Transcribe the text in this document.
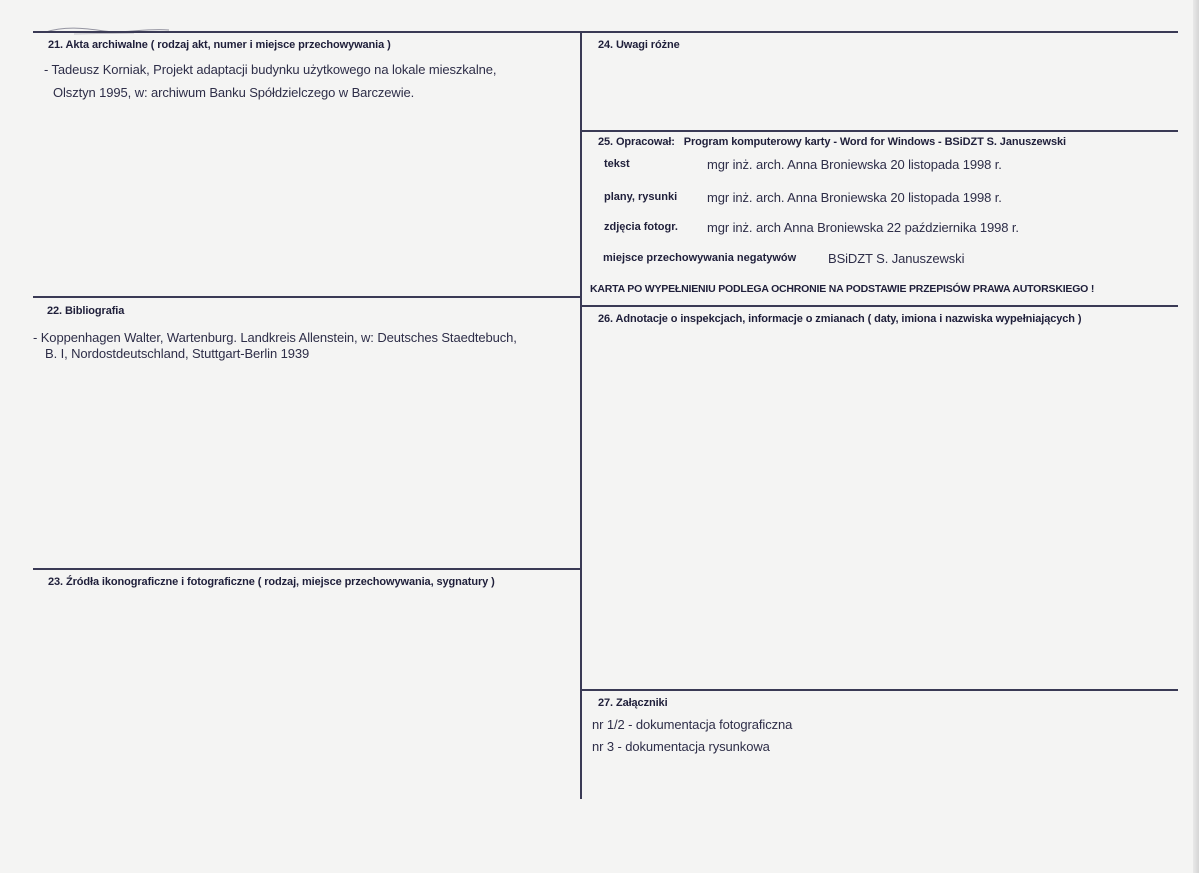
21. Akta archiwalne ( rodzaj akt, numer i miejsce przechowywania )
- Tadeusz Korniak, Projekt adaptacji budynku użytkowego na lokale mieszkalne,
Olsztyn 1995, w: archiwum Banku Spółdzielczego w Barczewie.
22. Bibliografia
- Koppenhagen Walter, Wartenburg. Landkreis Allenstein, w: Deutsches Staedtebuch,
B. I, Nordostdeutschland, Stuttgart-Berlin 1939
23. Źródła ikonograficzne i fotograficzne ( rodzaj, miejsce przechowywania, sygnatury )
24. Uwagi różne
25. Opracował:   Program komputerowy karty - Word for Windows - BSiDZT S. Januszewski
tekst	mgr inż. arch. Anna Broniewska 20 listopada 1998 r.
plany, rysunki mgr inż. arch. Anna Broniewska 20 listopada 1998 r.
zdjęcia fotogr. mgr inż. arch Anna Broniewska 22 października 1998 r.
miejsce przechowywania negatywów BSiDZT S. Januszewski
KARTA PO WYPEŁNIENIU PODLEGA OCHRONIE NA PODSTAWIE PRZEPISÓW PRAWA AUTORSKIEGO !
26. Adnotacje o inspekcjach, informacje o zmianach ( daty, imiona i nazwiska wypełniających )
27. Załączniki
nr 1/2 - dokumentacja fotograficzna
nr 3 - dokumentacja rysunkowa
